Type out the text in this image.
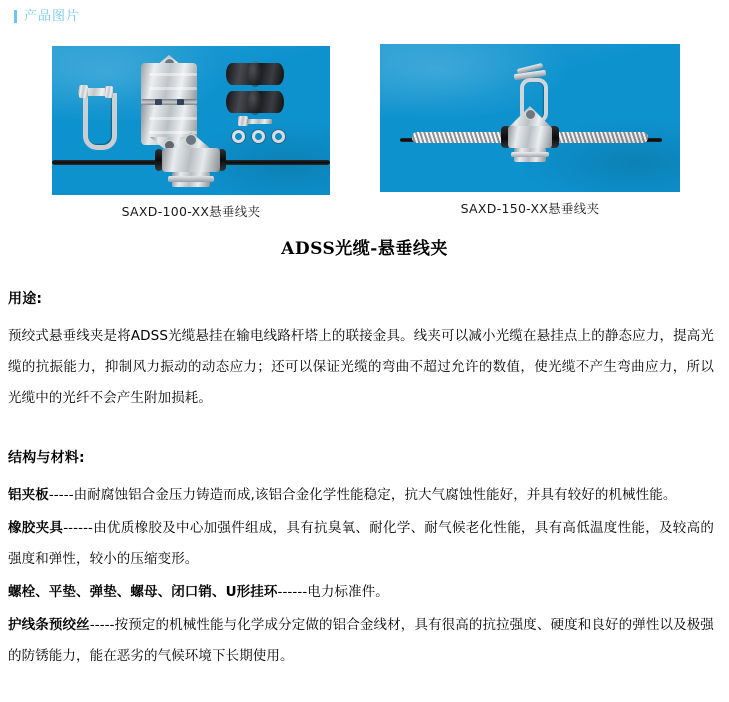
产品图片
SAXD-100-XX悬垂线夹	SAXD-150-XX悬垂线夹
ADSS光缆-悬垂线夹
用途:
预绞式悬垂线夹是将ADSS光缆悬挂在输电线路杆塔上的联接金具。线夹可以减小光缆在悬挂点上的静态应力，提高光缆的抗振能力，抑制风力振动的动态应力；还可以保证光缆的弯曲不超过允许的数值，使光缆不产生弯曲应力，所以光缆中的光纤不会产生附加损耗。
结构与材料:
铝夹板-----由耐腐蚀铝合金压力铸造而成,该铝合金化学性能稳定，抗大气腐蚀性能好，并具有较好的机械性能。
橡胶夹具------由优质橡胶及中心加强件组成，具有抗臭氧、耐化学、耐气候老化性能，具有高低温度性能，及较高的强度和弹性，较小的压缩变形。
螺栓、平垫、弹垫、螺母、闭口销、U形挂环------电力标准件。
护线条预绞丝-----按预定的机械性能与化学成分定做的铝合金线材，具有很高的抗拉强度、硬度和良好的弹性以及极强的防锈能力，能在恶劣的气候环境下长期使用。
